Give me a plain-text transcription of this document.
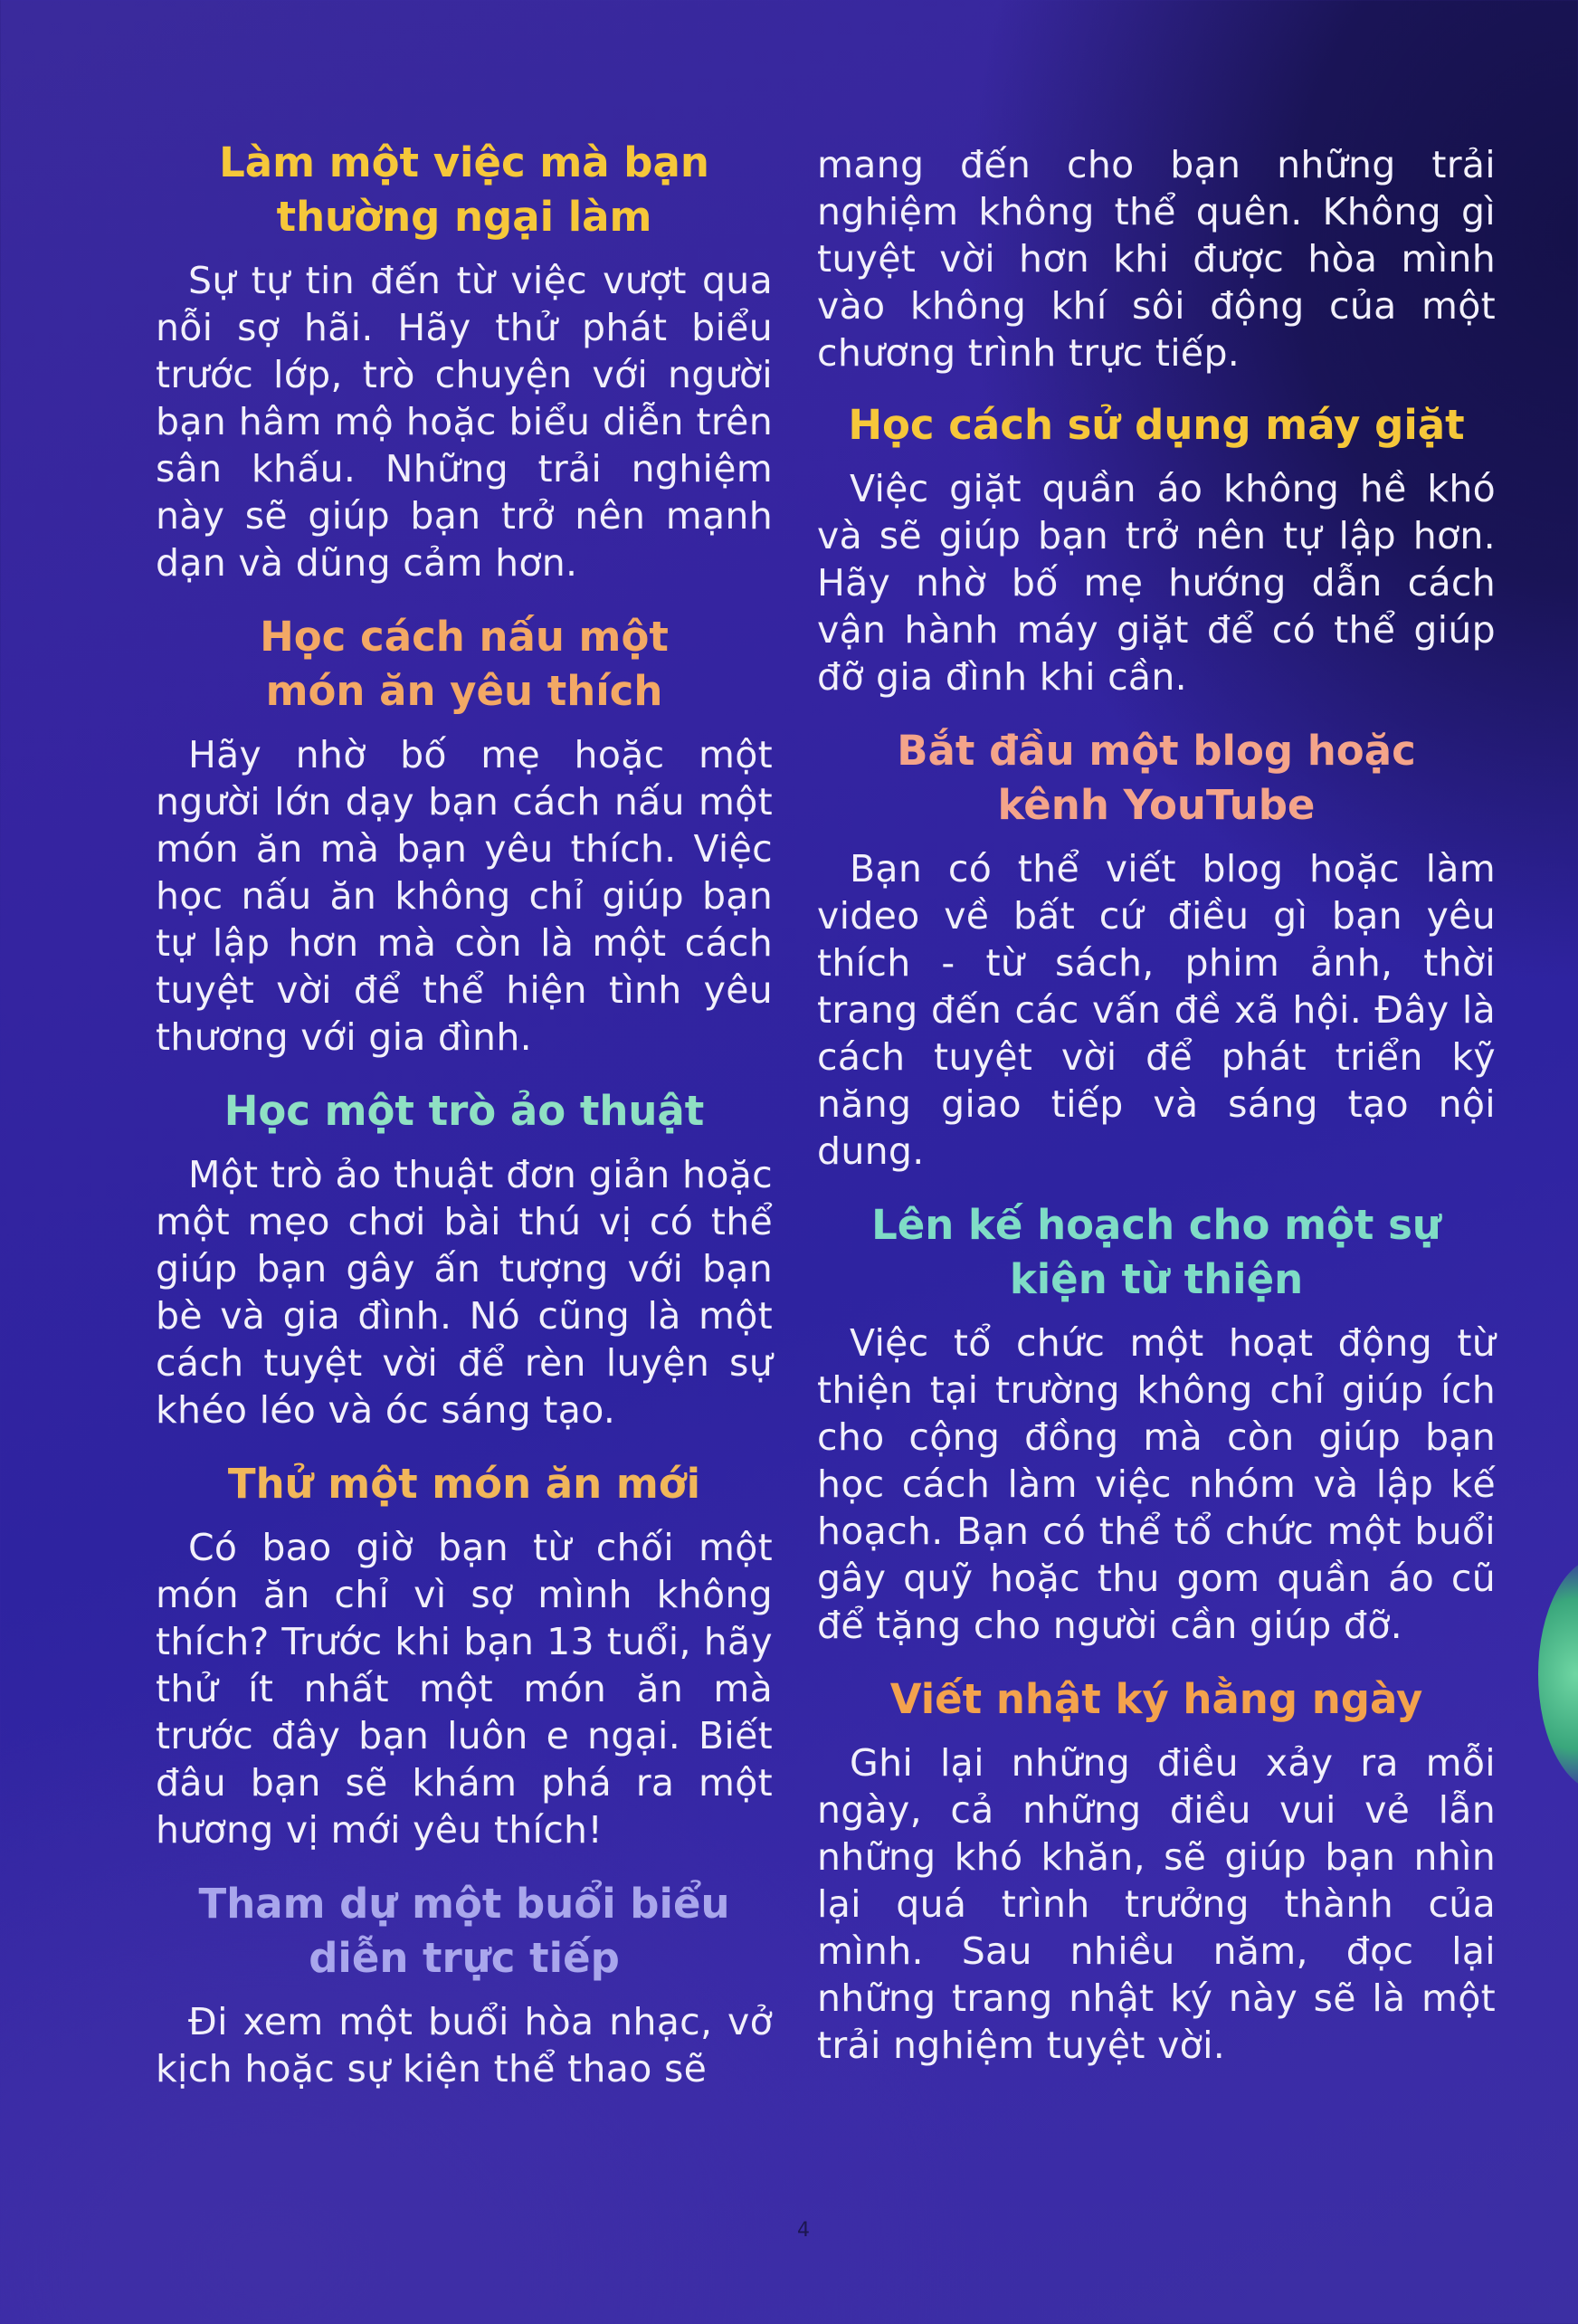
Làm một việc mà bạn thường ngại làm

Sự tự tin đến từ việc vượt qua nỗi sợ hãi. Hãy thử phát biểu trước lớp, trò chuyện với người bạn hâm mộ hoặc biểu diễn trên sân khấu. Những trải nghiệm này sẽ giúp bạn trở nên mạnh dạn và dũng cảm hơn.

Học cách nấu một món ăn yêu thích

Hãy nhờ bố mẹ hoặc một người lớn dạy bạn cách nấu một món ăn mà bạn yêu thích. Việc học nấu ăn không chỉ giúp bạn tự lập hơn mà còn là một cách tuyệt vời để thể hiện tình yêu thương với gia đình.

Học một trò ảo thuật

Một trò ảo thuật đơn giản hoặc một mẹo chơi bài thú vị có thể giúp bạn gây ấn tượng với bạn bè và gia đình. Nó cũng là một cách tuyệt vời để rèn luyện sự khéo léo và óc sáng tạo.

Thử một món ăn mới

Có bao giờ bạn từ chối một món ăn chỉ vì sợ mình không thích? Trước khi bạn 13 tuổi, hãy thử ít nhất một món ăn mà trước đây bạn luôn e ngại. Biết đâu bạn sẽ khám phá ra một hương vị mới yêu thích!

Tham dự một buổi biểu diễn trực tiếp

Đi xem một buổi hòa nhạc, vở kịch hoặc sự kiện thể thao sẽ

mang đến cho bạn những trải nghiệm không thể quên. Không gì tuyệt vời hơn khi được hòa mình vào không khí sôi động của một chương trình trực tiếp.

Học cách sử dụng máy giặt

Việc giặt quần áo không hề khó và sẽ giúp bạn trở nên tự lập hơn. Hãy nhờ bố mẹ hướng dẫn cách vận hành máy giặt để có thể giúp đỡ gia đình khi cần.

Bắt đầu một blog hoặc kênh YouTube

Bạn có thể viết blog hoặc làm video về bất cứ điều gì bạn yêu thích - từ sách, phim ảnh, thời trang đến các vấn đề xã hội. Đây là cách tuyệt vời để phát triển kỹ năng giao tiếp và sáng tạo nội dung.

Lên kế hoạch cho một sự kiện từ thiện

Việc tổ chức một hoạt động từ thiện tại trường không chỉ giúp ích cho cộng đồng mà còn giúp bạn học cách làm việc nhóm và lập kế hoạch. Bạn có thể tổ chức một buổi gây quỹ hoặc thu gom quần áo cũ để tặng cho người cần giúp đỡ.

Viết nhật ký hằng ngày

Ghi lại những điều xảy ra mỗi ngày, cả những điều vui vẻ lẫn những khó khăn, sẽ giúp bạn nhìn lại quá trình trưởng thành của mình. Sau nhiều năm, đọc lại những trang nhật ký này sẽ là một trải nghiệm tuyệt vời.

4
